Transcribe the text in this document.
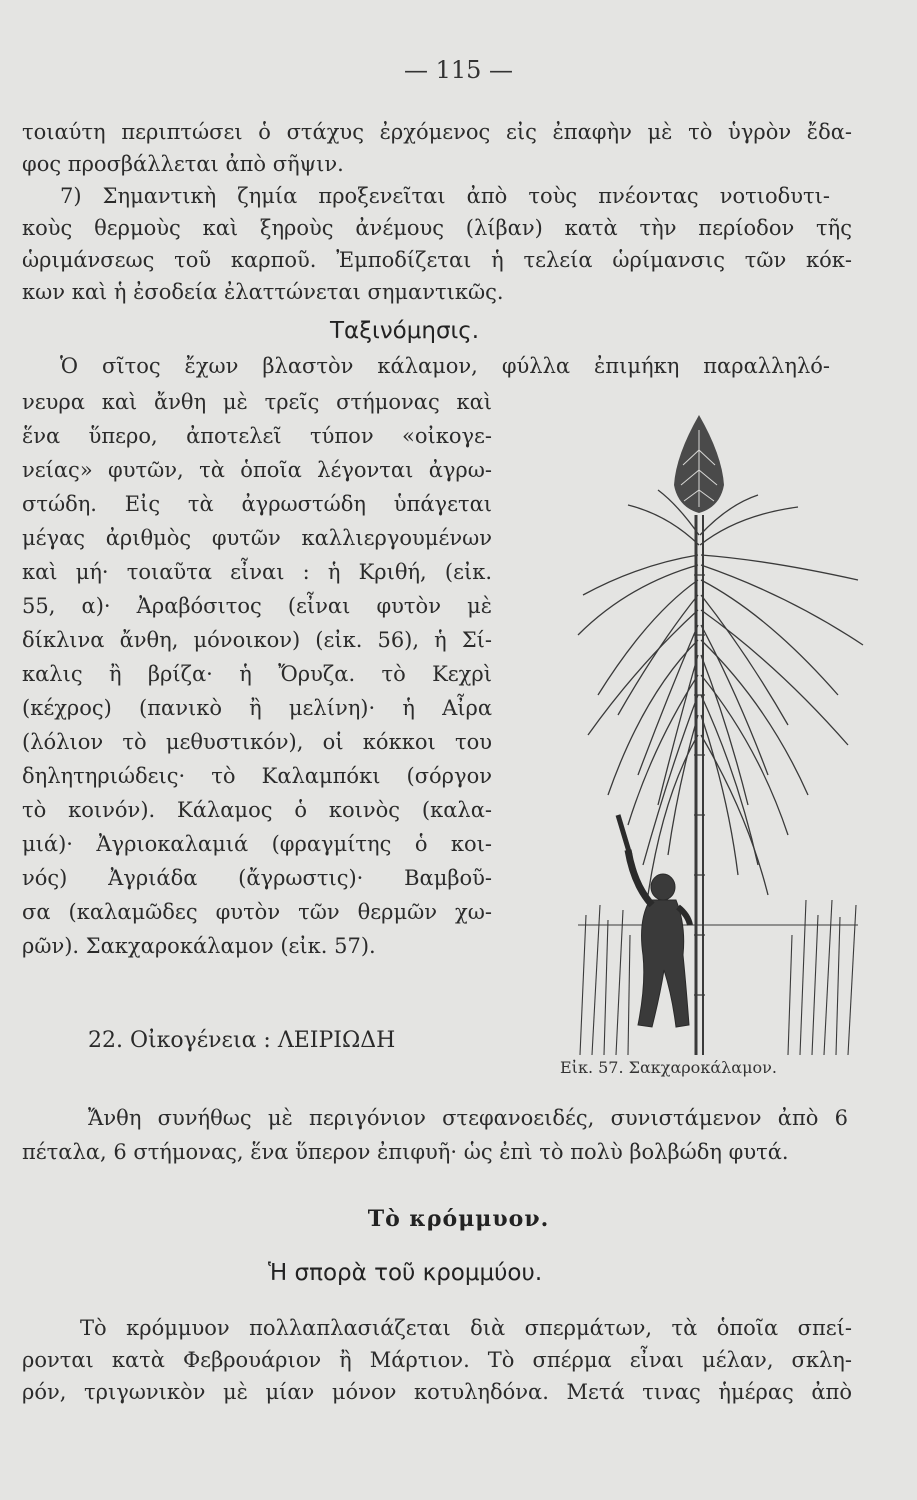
— 115 —
τοιαύτη περιπτώσει ὁ στάχυς ἐρχόμενος εἰς ἐπαφὴν μὲ τὸ ὑγρὸν ἔδα-
φος προσβάλλεται ἀπὸ σῆψιν.
7) Σημαντικὴ ζημία προξενεῖται ἀπὸ τοὺς πνέοντας νοτιοδυτι-
κοὺς θερμοὺς καὶ ξηροὺς ἀνέμους (λίβαν) κατὰ τὴν περίοδον τῆς
ὡριμάνσεως τοῦ καρποῦ. Ἐμποδίζεται ἡ τελεία ὡρίμανσις τῶν κόκ-
κων καὶ ἡ ἐσοδεία ἐλαττώνεται σημαντικῶς.
Ταξινόμησις.
Ὁ σῖτος ἔχων βλαστὸν κάλαμον, φύλλα ἐπιμήκη παραλληλό-
νευρα καὶ ἄνθη μὲ τρεῖς στήμονας καὶ
ἕνα ὕπερο, ἀποτελεῖ τύπον «οἰκογε-
νείας» φυτῶν, τὰ ὁποῖα λέγονται ἀγρω-
στώδη. Εἰς τὰ ἀγρωστώδη ὑπάγεται
μέγας ἀριθμὸς φυτῶν καλλιεργουμένων
καὶ μή· τοιαῦτα εἶναι : ἡ Κριθή, (εἰκ.
55, α)· Ἀραβόσιτος (εἶναι φυτὸν μὲ
δίκλινα ἄνθη, μόνοικον) (εἰκ. 56), ἡ Σί-
καλις ἢ βρίζα· ἡ Ὄρυζα. τὸ Κεχρὶ
(κέχρος) (πανικὸ ἢ μελίνη)· ἡ Αἶρα
(λόλιον τὸ μεθυστικόν), οἱ κόκκοι του
δηλητηριώδεις· τὸ Καλαμπόκι (σόργον
τὸ κοινόν). Κάλαμος ὁ κοινὸς (καλα-
μιά)· Ἀγριοκαλαμιά (φραγμίτης ὁ κοι-
νός) Ἀγριάδα (ἄγρωστις)· Βαμβοῦ-
σα (καλαμῶδες φυτὸν τῶν θερμῶν χω-
ρῶν). Σακχαροκάλαμον (εἰκ. 57).
22. Οἰκογένεια : ΛΕΙΡΙΩΔΗ
Εἰκ. 57. Σακχαροκάλαμον.
Ἄνθη συνήθως μὲ περιγόνιον στεφανοειδές, συνιστάμενον ἀπὸ 6
πέταλα, 6 στήμονας, ἕνα ὕπερον ἐπιφυῆ· ὡς ἐπὶ τὸ πολὺ βολβώδη φυτά.
Τὸ κρόμμυον.
Ἡ σπορὰ τοῦ κρομμύου.
Τὸ κρόμμυον πολλαπλασιάζεται διὰ σπερμάτων, τὰ ὁποῖα σπεί-
ρονται κατὰ Φεβρουάριον ἢ Μάρτιον. Τὸ σπέρμα εἶναι μέλαν, σκλη-
ρόν, τριγωνικὸν μὲ μίαν μόνον κοτυληδόνα. Μετά τινας ἡμέρας ἀπὸ
